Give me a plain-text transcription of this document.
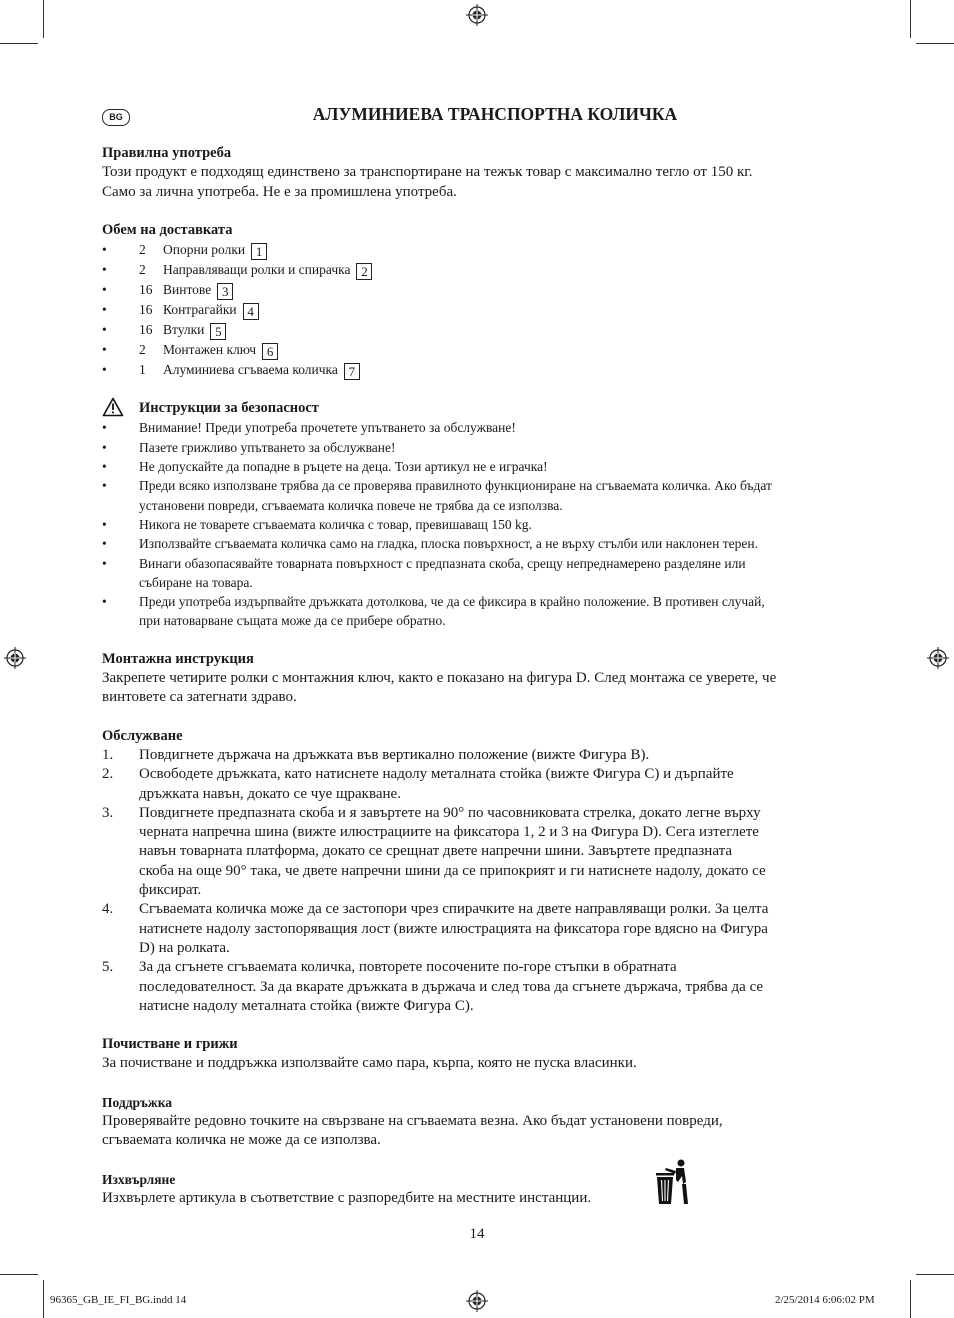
BG	АЛУМИНИЕВА ТРАНСПОРТНА КОЛИЧКА
Правилна употреба

Този продукт е подходящ единствено за транспортиране на тежък товар с максимално тегло от 150 кг.

Само за лична употреба. Не е за промишлена употреба.

Обем на доставката
• 2 Опорни ролки 1
• 2 Направляващи ролки и спирачка 2
• 16 Винтове 3
• 16 Контрагайки 4
• 16 Втулки 5
• 2 Монтажен ключ 6
• 1 Алуминиева сгъваема количка 7
Инструкции за безопасност
• Внимание! Преди употреба прочетете упътването за обслужване!
• Пазете грижливо упътването за обслужване!
• Не допускайте да попадне в ръцете на деца. Този артикул не е играчка!
• Преди всяко използване трябва да се проверява правилното функциониране на сгъваемата количка. Ако бъдат
установени повреди, сгъваемата количка повече не трябва да се използва.
• Никога не товарете сгъваемата количка с товар, превишаващ 150 kg.
• Използвайте сгъваемата количка само на гладка, плоска повърхност, а не върху стълби или наклонен терен.
• Винаги обазопасявайте товарната повърхност с предпазната скоба, срещу непреднамерено разделяне или
събиране на товара.
• Преди употреба издърпвайте дръжката дотолкова, че да се фиксира в крайно положение. В противен случай,
при натоварване същата може да се прибере обратно.
Монтажна инструкция

Закрепете четирите ролки с монтажния ключ, както е показано на фигура D. След монтажа се уверете, че

винтовете са затегнати здраво.

Обслужване
1. Повдигнете държача на дръжката във вертикално положение (вижте Фигура B).
2. Освободете дръжката, като натиснете надолу металната стойка (вижте Фигура C) и дърпайте
дръжката навън, докато се чуе щракване.
3. Повдигнете предпазната скоба и я завъртете на 90° по часовниковата стрелка, докато легне върху
черната напречна шина (вижте илюстрациите на фиксатора 1, 2 и 3 на Фигура D). Сега изтеглете
навън товарната платформа, докато се срещнат двете напречни шини. Завъртете предпазната
скоба на още 90° така, че двете напречни шини да се припокрият и ги натиснете надолу, докато се
фиксират.
4. Сгъваемата количка може да се застопори чрез спирачките на двете направляващи ролки. За целта
натиснете надолу застопоряващия лост (вижте илюстрацията на фиксатора горе вдясно на Фигура
D) на ролката.
5. За да сгънете сгъваемата количка, повторете посочените по-горе стъпки в обратната
последователност. За да вкарате дръжката в държача и след това да сгънете държача, трябва да се
натисне надолу металната стойка (вижте Фигура C).
Почистване и грижи

За почистване и поддръжка използвайте само пара, кърпа, която не пуска власинки.

Поддръжка

Проверявайте редовно точките на свързване на сгъваемата везна. Ако бъдат установени повреди,

сгъваемата количка не може да се използва.

Изхвърляне

Изхвърлете артикула в съответствие с разпоредбите на местните инстанции.

14
96365_GB_IE_FI_BG.indd 14	2/25/2014 6:06:02 PM
